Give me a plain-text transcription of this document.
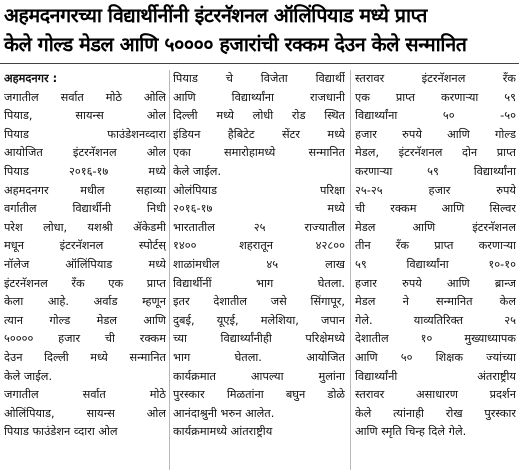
अहमदनगरच्या विद्यार्थीनींनी इंटरनॅशनल ऑलिंपियाड मध्ये प्राप्त
केले गोल्ड मेडल आणि ५०००० हजारांची रक्कम देउन केले सन्मानित
अहमदनगर :
जगातील सर्वात मोठे ओलि
पियाड, सायन्स ओल
पियाड फाउंडेशनव्दारा
आयोजित इंटरनॅशनल ओल
पियाड २०१६-१७ मध्ये
अहमदनगर मधील सहाव्या
वर्गातील विद्यार्थीनी निधी
परेश लोधा, यशश्री ॲकेडमी
मधून इंटरनॅशनल स्पोर्टस्
नॉलेज ऑलिंपियाड मध्ये
इंटरनॅशनल रँक एक प्राप्त
केला आहे. अर्वाड म्हणून
त्यान गोल्ड मेडल आणि
५०००० हजार ची रक्कम
देउन दिल्ली मध्ये सन्मानित
केले जाईल.
जगातील सर्वात मोठे
ओलिंपियाड, सायन्स ओल
पियाड फाउंडेशन व्दारा ओल
पियाड चे विजेता विद्यार्थी
आणि विद्यार्थ्यांना राजधानी
दिल्ली मध्ये लोधी रोड स्थित
इंडियन हैबिटेट सेंटर मध्ये
एका समारोहामध्ये सन्मानित
केले जाईल.
ओलंपियाड परिक्षा
२०१६-१७ मध्ये
भारतातील २५ राज्यातील
१४०० शहरातून ४२८००
शाळांमधील ४५ लाख
विद्यार्थीनीं भाग घेतला.
इतर देशातील जसे सिंगापूर,
दुबई, यूएई, मलेशिया, जपान
च्या विद्यार्थ्यांनीही परिक्षेमध्ये
भाग घेतला. आयोजित
कार्यक्रमात आपल्या मुलांना
पुरस्कार मिळतांना बघुन डोळे
आनंदाश्रुनी भरुन आलेत.
कार्यक्रमामध्ये आंतराष्ट्रीय
स्तरावर इंटरनॅशनल रँक
एक प्राप्त करणाऱ्या ५९
विद्यार्थ्यांना ५० -५०
हजार रुपये आणि गोल्ड
मेडल, इंटरनॅशनल दोन प्राप्त
करणाऱ्या ५९ विद्यार्थ्यांना
२५-२५ हजार रुपये
ची रक्कम आणि सिल्वर
मेडल आणि इंटरनॅशनल
तीन रँक प्राप्त करणाऱ्या
५९ विद्यार्थ्यांना १०-१०
हजार रुपये आणि ब्रान्ज
मेडल ने सन्मानित केल
गेले. याव्यतिरिक्त २५
देशातील १० मुख्याध्यापक
आणि ५० शिक्षक ज्यांच्या
विद्यार्थ्यांनी अंतराष्ट्रीय
स्तरावर असाधारण प्रदर्शन
केले त्यांनाही रोख पुरस्कार
आणि स्मृति चिन्ह दिले गेले.
